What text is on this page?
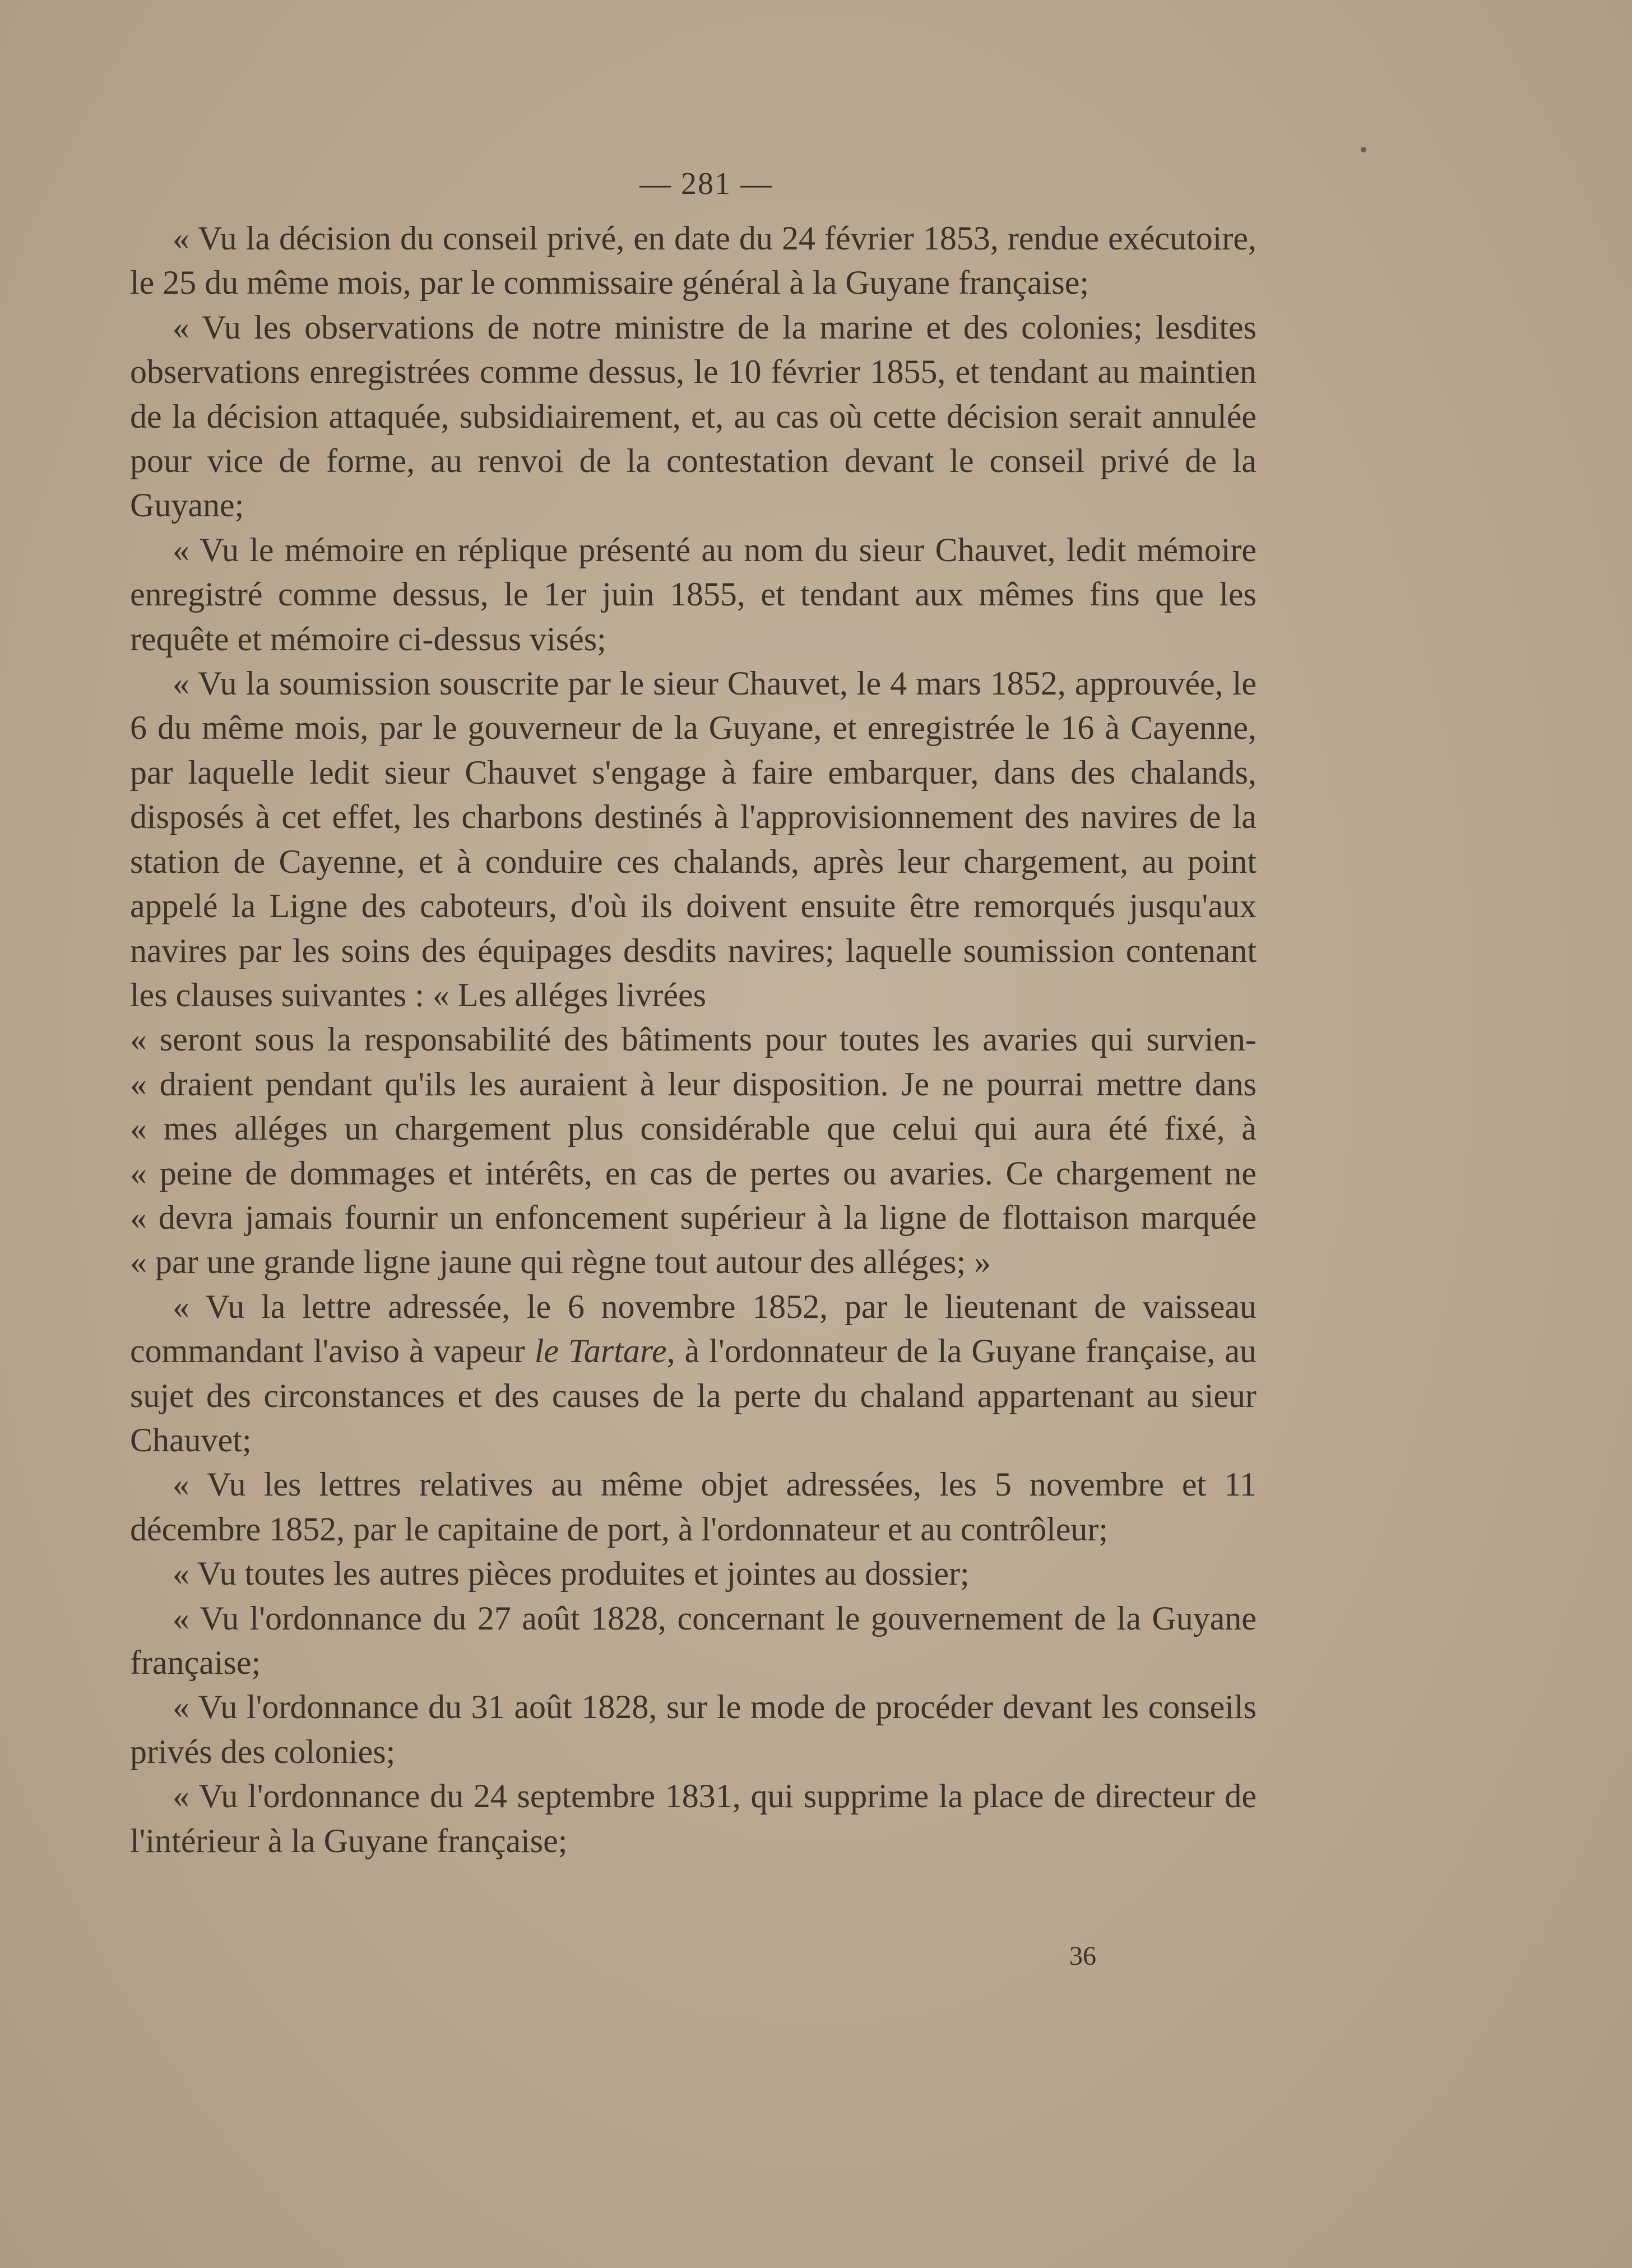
— 281 —

« Vu la décision du conseil privé, en date du 24 février 1853, rendue exécutoire, le 25 du même mois, par le commissaire général à la Guyane française;

« Vu les observations de notre ministre de la marine et des colonies; lesdites observations enregistrées comme dessus, le 10 février 1855, et tendant au maintien de la décision attaquée, subsidiairement, et, au cas où cette décision serait annulée pour vice de forme, au renvoi de la contestation devant le conseil privé de la Guyane;

« Vu le mémoire en réplique présenté au nom du sieur Chauvet, ledit mémoire enregistré comme dessus, le 1er juin 1855, et tendant aux mêmes fins que les requête et mémoire ci-dessus visés;

« Vu la soumission souscrite par le sieur Chauvet, le 4 mars 1852, approuvée, le 6 du même mois, par le gouverneur de la Guyane, et enregistrée le 16 à Cayenne, par laquelle ledit sieur Chauvet s'engage à faire embarquer, dans des chalands, disposés à cet effet, les charbons destinés à l'approvisionnement des navires de la station de Cayenne, et à conduire ces chalands, après leur chargement, au point appelé la Ligne des caboteurs, d'où ils doivent ensuite être remorqués jusqu'aux navires par les soins des équipages desdits navires; laquelle soumission contenant les clauses suivantes : « Les alléges livrées

« seront sous la responsabilité des bâtiments pour toutes les avaries qui survien-
« draient pendant qu'ils les auraient à leur disposition. Je ne pourrai mettre dans
« mes alléges un chargement plus considérable que celui qui aura été fixé, à
« peine de dommages et intérêts, en cas de pertes ou avaries. Ce chargement ne
« devra jamais fournir un enfoncement supérieur à la ligne de flottaison marquée
« par une grande ligne jaune qui règne tout autour des alléges; »

« Vu la lettre adressée, le 6 novembre 1852, par le lieutenant de vaisseau commandant l'aviso à vapeur le Tartare, à l'ordonnateur de la Guyane française, au sujet des circonstances et des causes de la perte du chaland appartenant au sieur Chauvet;

« Vu les lettres relatives au même objet adressées, les 5 novembre et 11 décembre 1852, par le capitaine de port, à l'ordonnateur et au contrôleur;

« Vu toutes les autres pièces produites et jointes au dossier;

« Vu l'ordonnance du 27 août 1828, concernant le gouvernement de la Guyane française;

« Vu l'ordonnance du 31 août 1828, sur le mode de procéder devant les conseils privés des colonies;

« Vu l'ordonnance du 24 septembre 1831, qui supprime la place de directeur de l'intérieur à la Guyane française;

36
